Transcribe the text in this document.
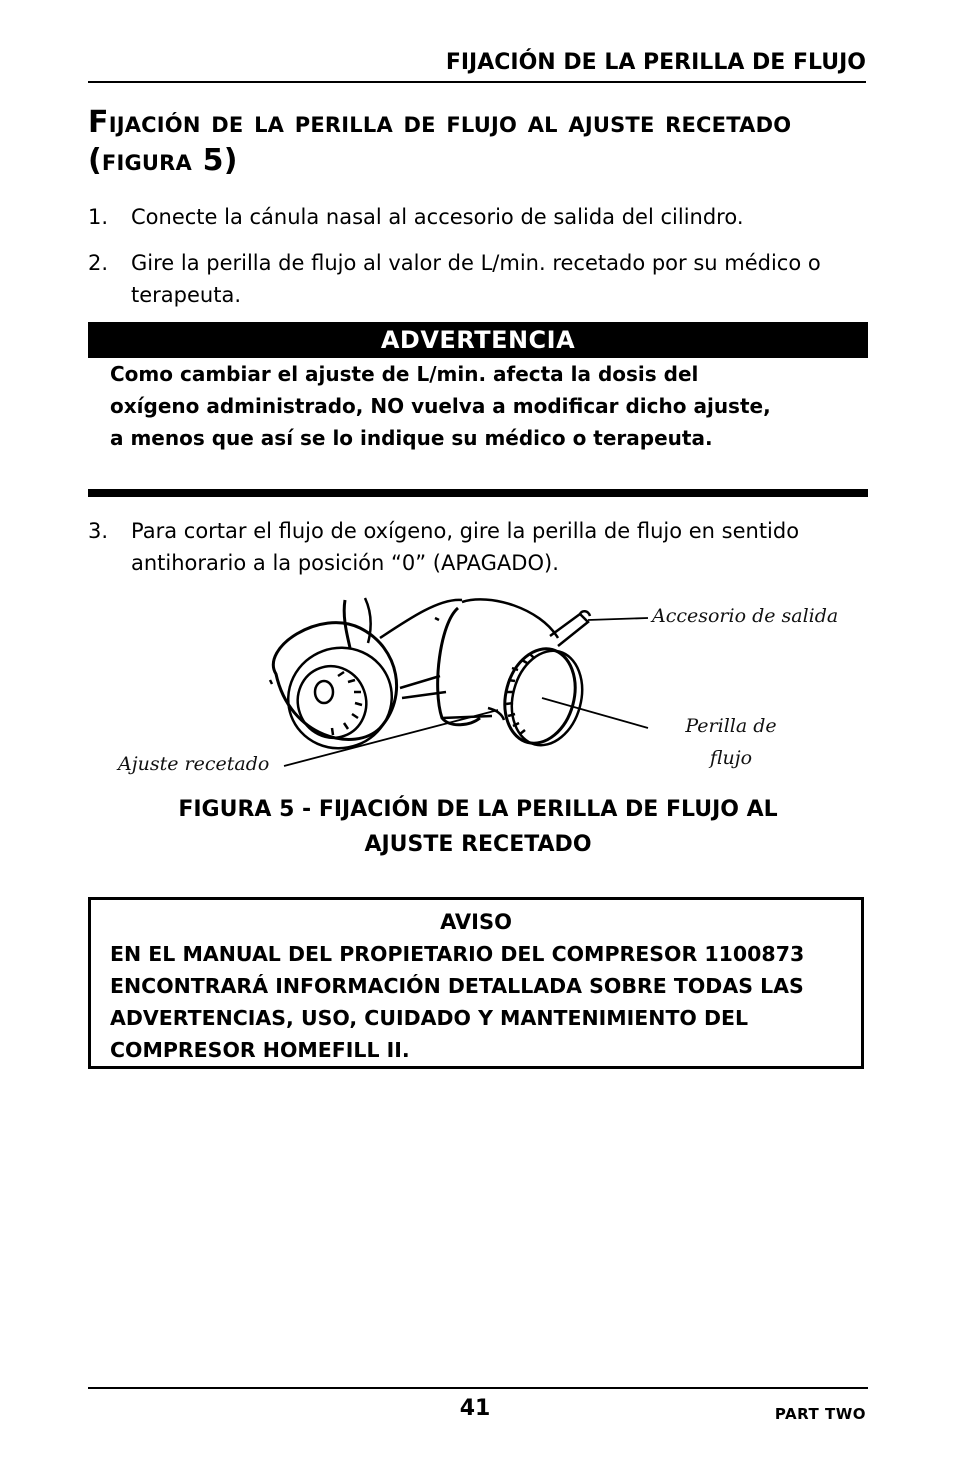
FIJACIÓN DE LA PERILLA DE FLUJO
Fijación de la perilla de flujo al ajuste recetado (figura 5)
1.	Conecte la cánula nasal al accesorio de salida del cilindro.
2.	Gire la perilla de flujo al valor de L/min. recetado por su médico o terapeuta.
ADVERTENCIA
Como cambiar el ajuste de L/min. afecta la dosis del oxígeno administrado, NO vuelva a modificar dicho ajuste, a menos que así se lo indique su médico o terapeuta.
3.	Para cortar el flujo de oxígeno, gire la perilla de flujo en sentido antihorario a la posición “0” (APAGADO).
Accesorio de salida
Perilla de
flujo
Ajuste recetado
FIGURA 5 - FIJACIÓN DE LA PERILLA DE FLUJO AL
AJUSTE RECETADO
AVISO
EN EL MANUAL DEL PROPIETARIO DEL COMPRESOR 1100873 ENCONTRARÁ INFORMACIÓN DETALLADA SOBRE TODAS LAS ADVERTENCIAS, USO, CUIDADO Y MANTENIMIENTO DEL COMPRESOR HOMEFILL II.
41	PART TWO
